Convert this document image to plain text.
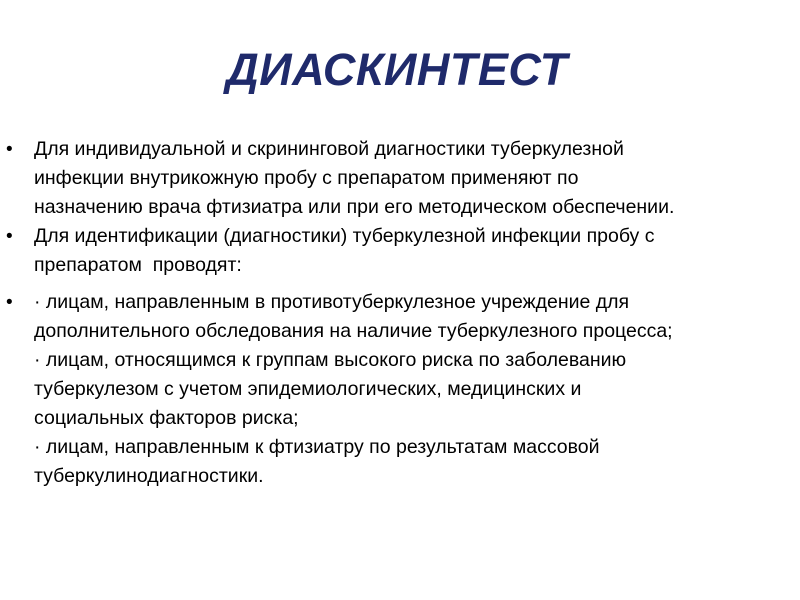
ДИАСКИНТЕСТ

• Для индивидуальной и скрининговой диагностики туберкулезной
инфекции внутрикожную пробу с препаратом применяют по
назначению врача фтизиатра или при его методическом обеспечении.

• Для идентификации (диагностики) туберкулезной инфекции пробу с
препаратом  проводят:

• · лицам, направленным в противотуберкулезное учреждение для
дополнительного обследования на наличие туберкулезного процесса;
· лицам, относящимся к группам высокого риска по заболеванию
туберкулезом с учетом эпидемиологических, медицинских и
социальных факторов риска;
· лицам, направленным к фтизиатру по результатам массовой
туберкулинодиагностики.
